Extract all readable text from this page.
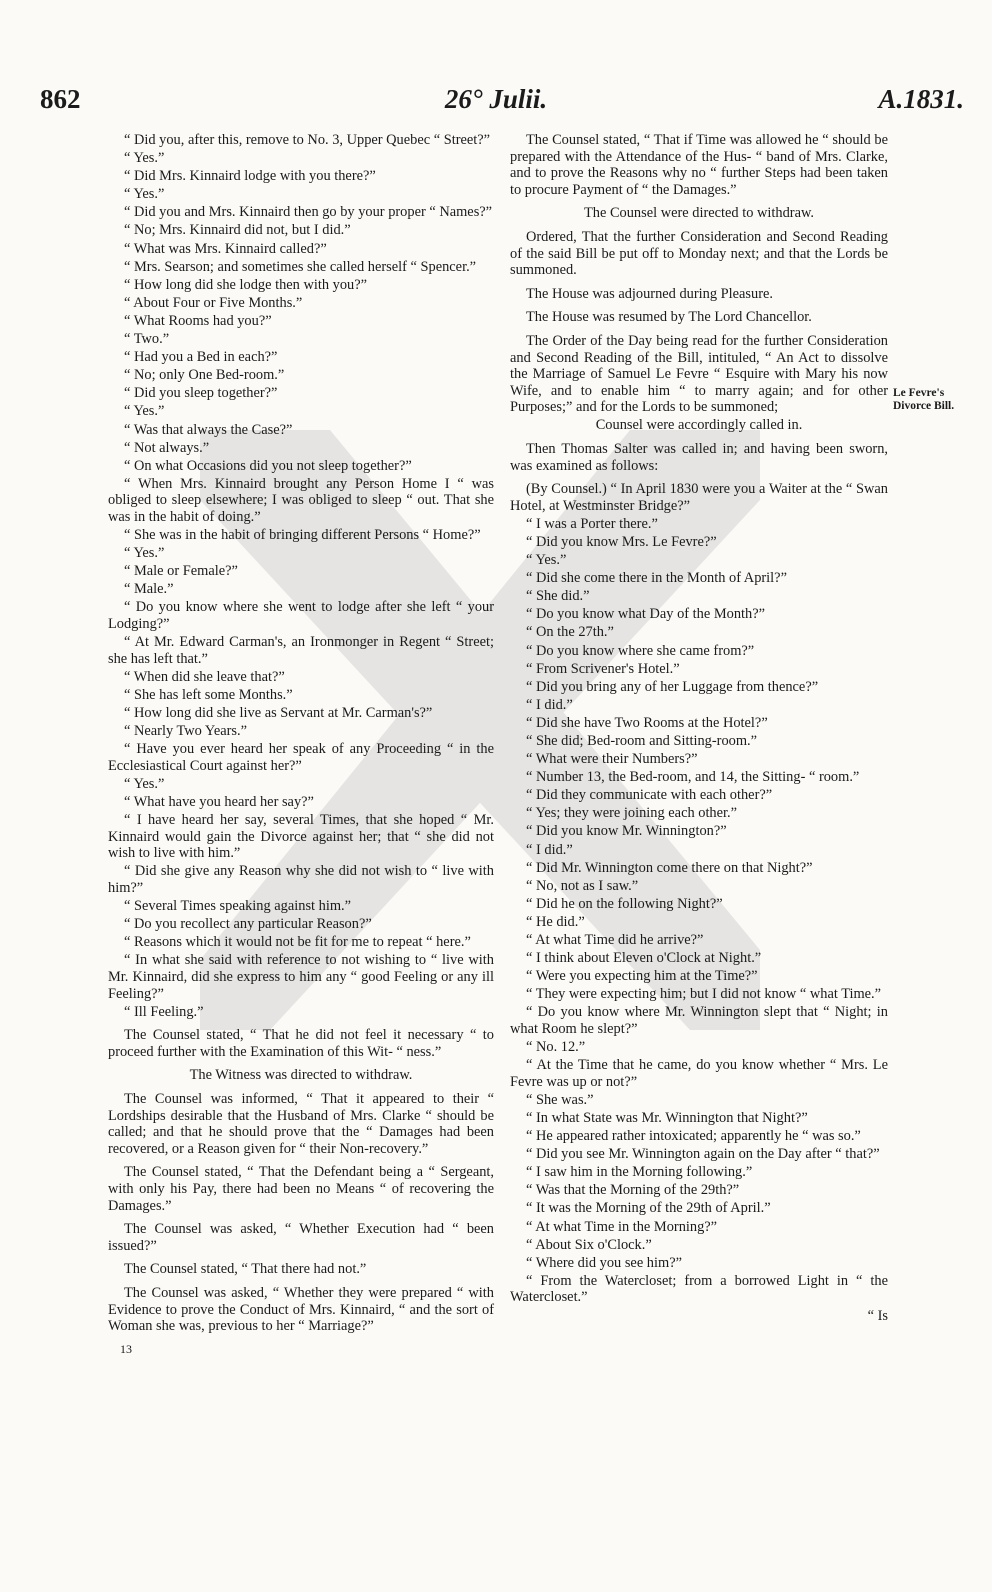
862	26° Julii.	A.1831.

“ Did you, after this, remove to No. 3, Upper Quebec “ Street?”

“ Yes.”

“ Did Mrs. Kinnaird lodge with you there?”

“ Yes.”

“ Did you and Mrs. Kinnaird then go by your proper “ Names?”

“ No; Mrs. Kinnaird did not, but I did.”

“ What was Mrs. Kinnaird called?”

“ Mrs. Searson; and sometimes she called herself “ Spencer.”

“ How long did she lodge then with you?”

“ About Four or Five Months.”

“ What Rooms had you?”

“ Two.”

“ Had you a Bed in each?”

“ No; only One Bed-room.”

“ Did you sleep together?”

“ Yes.”

“ Was that always the Case?”

“ Not always.”

“ On what Occasions did you not sleep together?”

“ When Mrs. Kinnaird brought any Person Home I “ was obliged to sleep elsewhere; I was obliged to sleep “ out. That she was in the habit of doing.”

“ She was in the habit of bringing different Persons “ Home?”

“ Yes.”

“ Male or Female?”

“ Male.”

“ Do you know where she went to lodge after she left “ your Lodging?”

“ At Mr. Edward Carman's, an Ironmonger in Regent “ Street; she has left that.”

“ When did she leave that?”

“ She has left some Months.”

“ How long did she live as Servant at Mr. Carman's?”

“ Nearly Two Years.”

“ Have you ever heard her speak of any Proceeding “ in the Ecclesiastical Court against her?”

“ Yes.”

“ What have you heard her say?”

“ I have heard her say, several Times, that she hoped “ Mr. Kinnaird would gain the Divorce against her; that “ she did not wish to live with him.”

“ Did she give any Reason why she did not wish to “ live with him?”

“ Several Times speaking against him.”

“ Do you recollect any particular Reason?”

“ Reasons which it would not be fit for me to repeat “ here.”

“ In what she said with reference to not wishing to “ live with Mr. Kinnaird, did she express to him any “ good Feeling or any ill Feeling?”

“ Ill Feeling.”

The Counsel stated, “ That he did not feel it necessary “ to proceed further with the Examination of this Wit- “ ness.”

The Witness was directed to withdraw.

The Counsel was informed, “ That it appeared to their “ Lordships desirable that the Husband of Mrs. Clarke “ should be called; and that he should prove that the “ Damages had been recovered, or a Reason given for “ their Non-recovery.”

The Counsel stated, “ That the Defendant being a “ Sergeant, with only his Pay, there had been no Means “ of recovering the Damages.”

The Counsel was asked, “ Whether Execution had “ been issued?”

The Counsel stated, “ That there had not.”

The Counsel was asked, “ Whether they were prepared “ with Evidence to prove the Conduct of Mrs. Kinnaird, “ and the sort of Woman she was, previous to her “ Marriage?”

13

The Counsel stated, “ That if Time was allowed he “ should be prepared with the Attendance of the Hus- “ band of Mrs. Clarke, and to prove the Reasons why no “ further Steps had been taken to procure Payment of “ the Damages.”

The Counsel were directed to withdraw.

Ordered, That the further Consideration and Second Reading of the said Bill be put off to Monday next; and that the Lords be summoned.

The House was adjourned during Pleasure.

The House was resumed by The Lord Chancellor.

The Order of the Day being read for the further Consideration and Second Reading of the Bill, intituled, “ An Act to dissolve the Marriage of Samuel Le Fevre “ Esquire with Mary his now Wife, and to enable him “ to marry again; and for other Purposes;” and for the Lords to be summoned;

Counsel were accordingly called in.

Then Thomas Salter was called in; and having been sworn, was examined as follows:

(By Counsel.) “ In April 1830 were you a Waiter at the “ Swan Hotel, at Westminster Bridge?”

“ I was a Porter there.”

“ Did you know Mrs. Le Fevre?”

“ Yes.”

“ Did she come there in the Month of April?”

“ She did.”

“ Do you know what Day of the Month?”

“ On the 27th.”

“ Do you know where she came from?”

“ From Scrivener's Hotel.”

“ Did you bring any of her Luggage from thence?”

“ I did.”

“ Did she have Two Rooms at the Hotel?”

“ She did; Bed-room and Sitting-room.”

“ What were their Numbers?”

“ Number 13, the Bed-room, and 14, the Sitting- “ room.”

“ Did they communicate with each other?”

“ Yes; they were joining each other.”

“ Did you know Mr. Winnington?”

“ I did.”

“ Did Mr. Winnington come there on that Night?”

“ No, not as I saw.”

“ Did he on the following Night?”

“ He did.”

“ At what Time did he arrive?”

“ I think about Eleven o'Clock at Night.”

“ Were you expecting him at the Time?”

“ They were expecting him; but I did not know “ what Time.”

“ Do you know where Mr. Winnington slept that “ Night; in what Room he slept?”

“ No. 12.”

“ At the Time that he came, do you know whether “ Mrs. Le Fevre was up or not?”

“ She was.”

“ In what State was Mr. Winnington that Night?”

“ He appeared rather intoxicated; apparently he “ was so.”

“ Did you see Mr. Winnington again on the Day after “ that?”

“ I saw him in the Morning following.”

“ Was that the Morning of the 29th?”

“ It was the Morning of the 29th of April.”

“ At what Time in the Morning?”

“ About Six o'Clock.”

“ Where did you see him?”

“ From the Watercloset; from a borrowed Light in “ the Watercloset.”

“ Is

Le Fevre's Divorce Bill.
